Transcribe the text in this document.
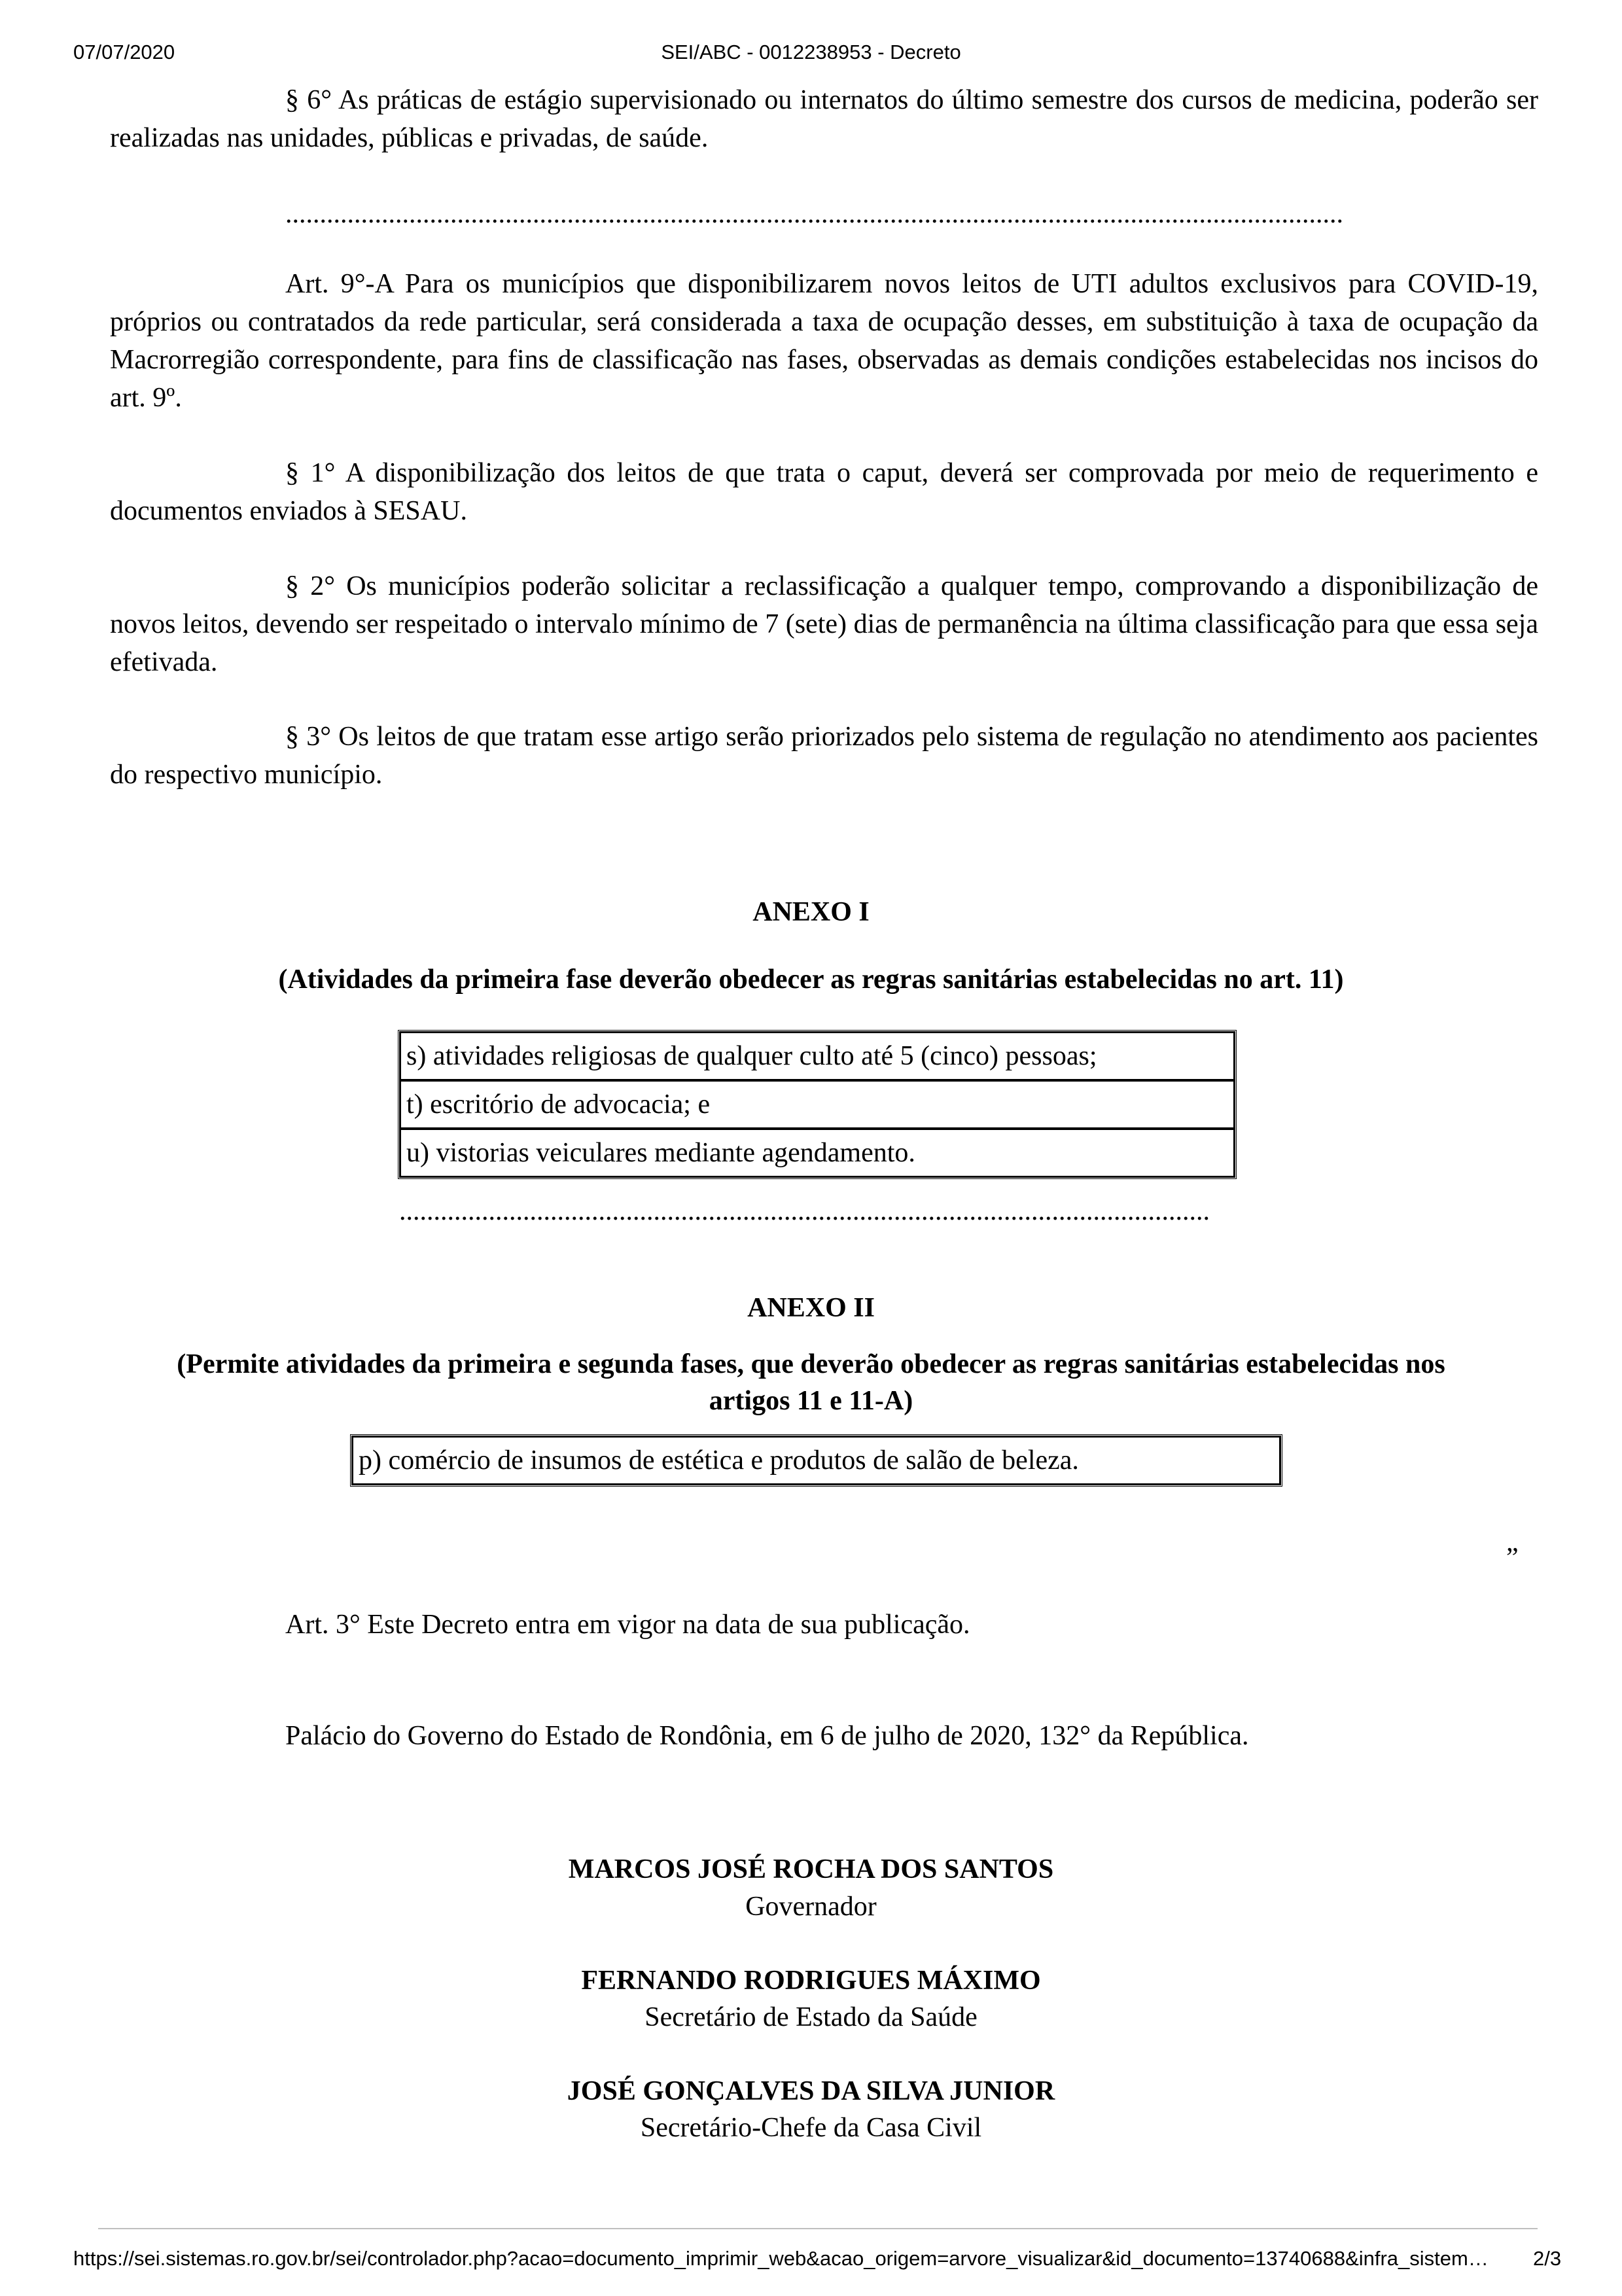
07/07/2020	SEI/ABC - 0012238953 - Decreto
§ 6° As práticas de estágio supervisionado ou internatos do último semestre dos cursos de medicina, poderão ser realizadas nas unidades, públicas e privadas, de saúde.
..........................................................................................................................................................
Art. 9°-A Para os municípios que disponibilizarem novos leitos de UTI adultos exclusivos para COVID-19, próprios ou contratados da rede particular, será considerada a taxa de ocupação desses, em substituição à taxa de ocupação da Macrorregião correspondente, para fins de classificação nas fases, observadas as demais condições estabelecidas nos incisos do art. 9º.
§ 1° A disponibilização dos leitos de que trata o caput, deverá ser comprovada por meio de requerimento e documentos enviados à SESAU.
§ 2° Os municípios poderão solicitar a reclassificação a qualquer tempo, comprovando a disponibilização de novos leitos, devendo ser respeitado o intervalo mínimo de 7 (sete) dias de permanência na última classificação para que essa seja efetivada.
§ 3° Os leitos de que tratam esse artigo serão priorizados pelo sistema de regulação no atendimento aos pacientes do respectivo município.
ANEXO I
(Atividades da primeira fase deverão obedecer as regras sanitárias estabelecidas no art. 11)
s) atividades religiosas de qualquer culto até 5 (cinco) pessoas;
t) escritório de advocacia; e
u) vistorias veiculares mediante agendamento.
......................................................................................................................
ANEXO II
(Permite atividades da primeira e segunda fases, que deverão obedecer as regras sanitárias estabelecidas nos
artigos 11 e 11-A)
p) comércio de insumos de estética e produtos de salão de beleza.
”
Art. 3° Este Decreto entra em vigor na data de sua publicação.
Palácio do Governo do Estado de Rondônia, em 6 de julho de 2020, 132° da República.
MARCOS JOSÉ ROCHA DOS SANTOS
Governador
FERNANDO RODRIGUES MÁXIMO
Secretário de Estado da Saúde
JOSÉ GONÇALVES DA SILVA JUNIOR
Secretário-Chefe da Casa Civil
https://sei.sistemas.ro.gov.br/sei/controlador.php?acao=documento_imprimir_web&acao_origem=arvore_visualizar&id_documento=13740688&infra_sistem…	2/3
